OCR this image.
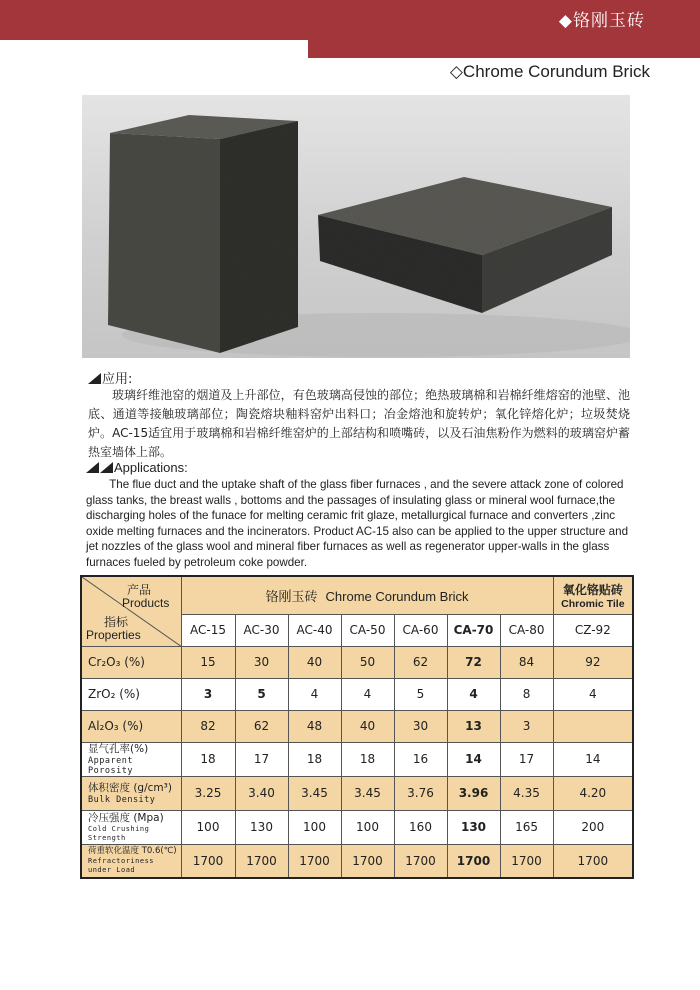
◆铬刚玉砖
◇Chrome Corundum Brick
应用:
玻璃纤维池窑的烟道及上升部位，有色玻璃高侵蚀的部位；绝热玻璃棉和岩棉纤维熔窑的池壁、池底、通道等接触玻璃部位；陶瓷熔块釉料窑炉出料口；冶金熔池和旋转炉；氧化锌熔化炉；垃圾焚烧炉。AC-15适宜用于玻璃棉和岩棉纤维窑炉的上部结构和喷嘴砖，以及石油焦粉作为燃料的玻璃窑炉蓄热室墙体上部。
Applications:
The flue duct and the uptake shaft of the glass fiber furnaces , and the severe attack zone of colored glass tanks, the breast walls , bottoms and the passages of insulating glass or mineral wool furnace,the discharging holes of the funace for melting ceramic frit glaze, metallurgical furnace and converters ,zinc oxide melting furnaces and the incinerators. Product AC-15 also can be applied to the upper structure and jet nozzles of the glass wool and mineral fiber furnaces as well as regenerator upper-walls in the glass furnaces fueled by petroleum coke powder.
产品
Products
指标
Properties	铬刚玉砖 Chrome Corundum Brick							氧化铬贴砖
Chromic Tile

	AC-15	AC-30	AC-40	CA-50	CA-60	CA-70	CA-80	CZ-92
Cr₂O₃ (%)	15	30	40	50	62	72	84	92
ZrO₂ (%)	3	5	4	4	5	4	8	4
Al₂O₃ (%)	82	62	48	40	30	13	3	

显气孔率(%)
Apparent Porosity	18	17	18	18	16	14	17	14

体积密度 (g/cm³)
Bulk Density	3.25	3.40	3.45	3.45	3.76	3.96	4.35	4.20

冷压强度 (Mpa)
Cold Crushing Strength	100	130	100	100	160	130	165	200

荷重软化温度 T0.6(℃)
Refractoriness under Load	1700	1700	1700	1700	1700	1700	1700	1700
